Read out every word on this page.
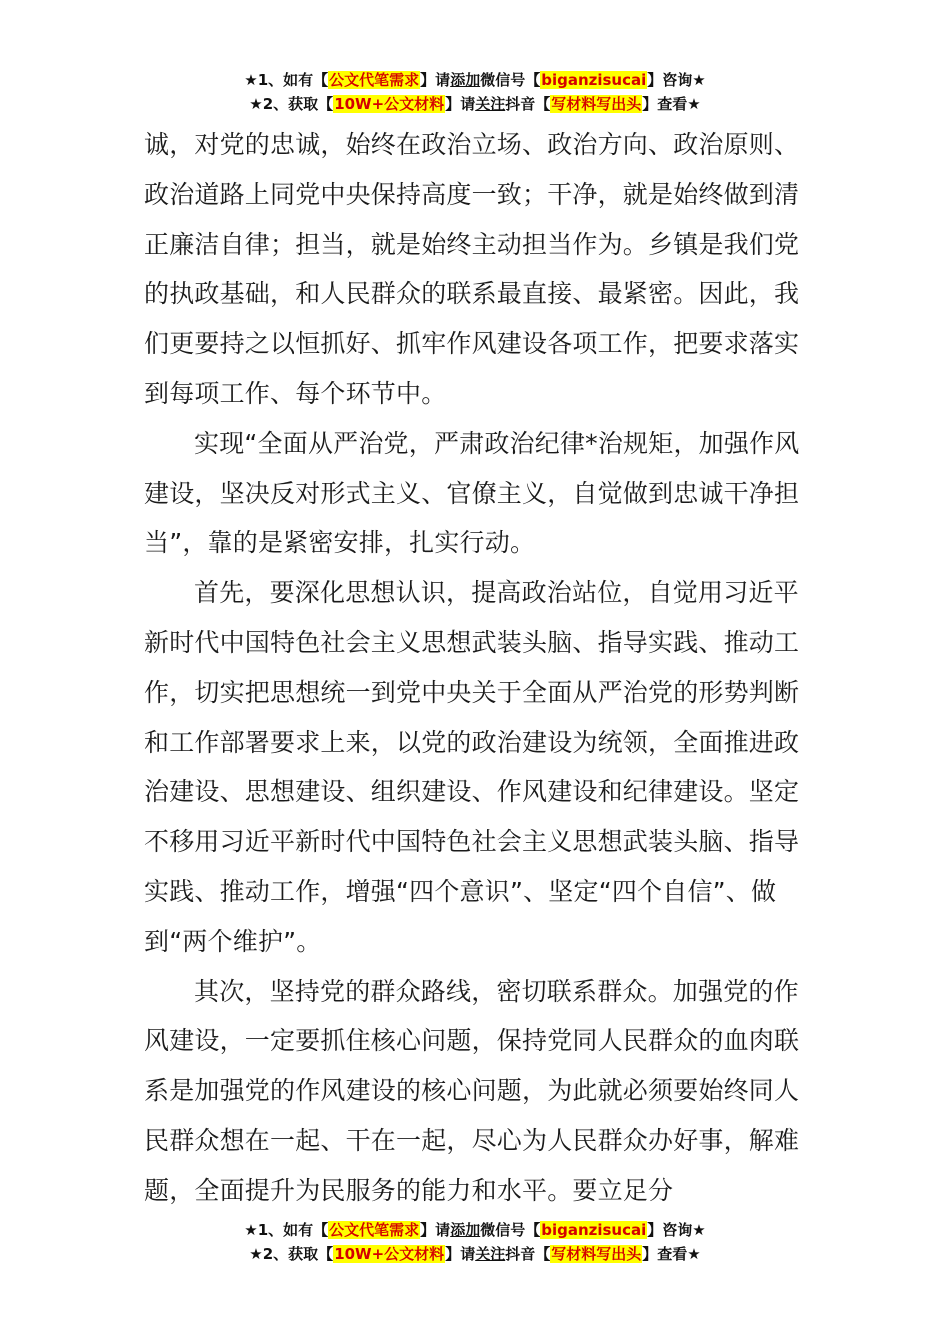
★1、如有【公文代笔需求】请添加微信号【biganzisucai】咨询★
★2、获取【10W+公文材料】请关注抖音【写材料写出头】查看★

诚，对党的忠诚，始终在政治立场、政治方向、政治原则、政治道路上同党中央保持高度一致；干净，就是始终做到清正廉洁自律；担当，就是始终主动担当作为。乡镇是我们党的执政基础，和人民群众的联系最直接、最紧密。因此，我们更要持之以恒抓好、抓牢作风建设各项工作，把要求落实到每项工作、每个环节中。

实现“全面从严治党，严肃政治纪律*治规矩，加强作风建设，坚决反对形式主义、官僚主义，自觉做到忠诚干净担当”，靠的是紧密安排，扎实行动。

首先，要深化思想认识，提高政治站位，自觉用习近平新时代中国特色社会主义思想武装头脑、指导实践、推动工作，切实把思想统一到党中央关于全面从严治党的形势判断和工作部署要求上来，以党的政治建设为统领，全面推进政治建设、思想建设、组织建设、作风建设和纪律建设。坚定不移用习近平新时代中国特色社会主义思想武装头脑、指导实践、推动工作，增强“四个意识”、坚定“四个自信”、做到“两个维护”。

其次，坚持党的群众路线，密切联系群众。加强党的作风建设，一定要抓住核心问题，保持党同人民群众的血肉联系是加强党的作风建设的核心问题，为此就必须要始终同人民群众想在一起、干在一起，尽心为人民群众办好事，解难题，全面提升为民服务的能力和水平。要立足分

★1、如有【公文代笔需求】请添加微信号【biganzisucai】咨询★
★2、获取【10W+公文材料】请关注抖音【写材料写出头】查看★
